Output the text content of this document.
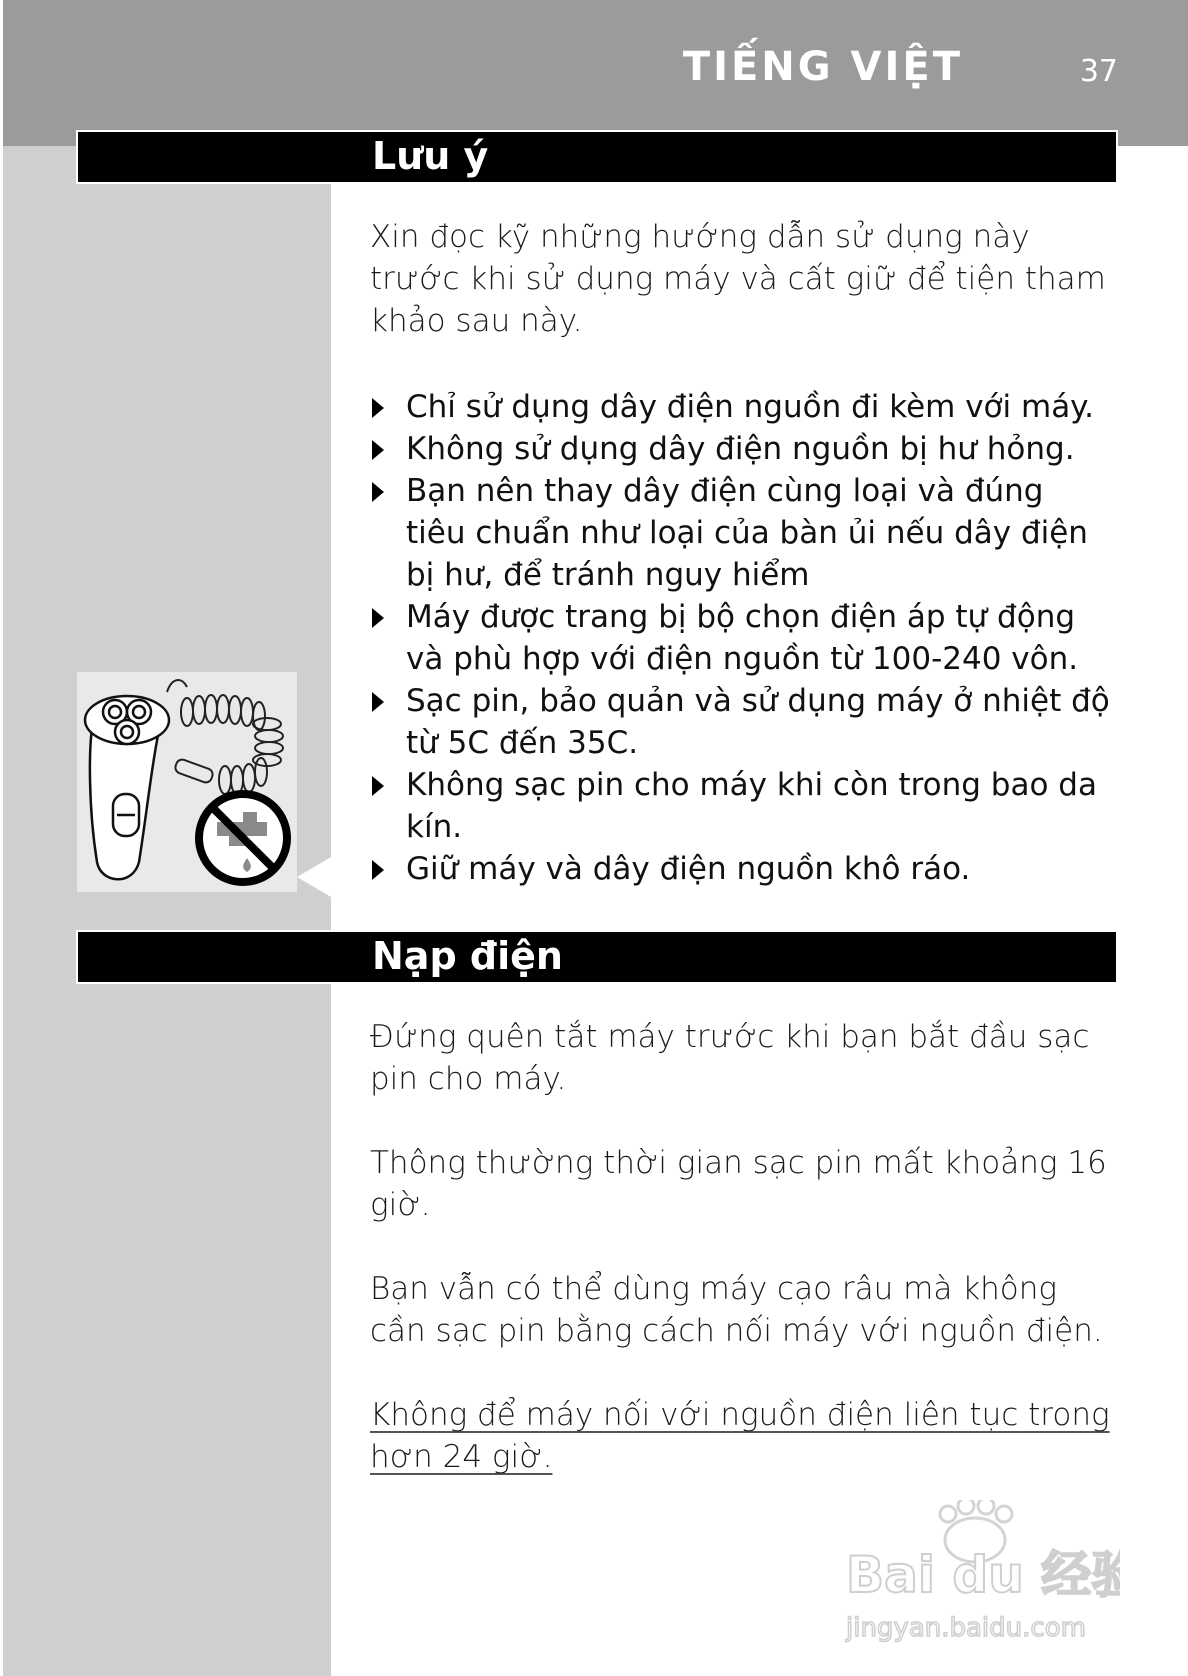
TIẾNG VIỆT	37
Lưu ý
Xin đọc kỹ những hướng dẫn sử dụng này trước khi sử dụng máy và cất giữ để tiện tham khảo sau này.
Chỉ sử dụng dây điện nguồn đi kèm với máy.
Không sử dụng dây điện nguồn bị hư hỏng.
Bạn nên thay dây điện cùng loại và đúng tiêu chuẩn như loại của bàn ủi nếu dây điện bị hư, để tránh nguy hiểm
Máy được trang bị bộ chọn điện áp tự động và phù hợp với điện nguồn từ 100-240 vôn.
Sạc pin, bảo quản và sử dụng máy ở nhiệt độ từ 5C đến 35C.
Không sạc pin cho máy khi còn trong bao da kín.
Giữ máy và dây điện nguồn khô ráo.
Nạp điện
Đứng quên tắt máy trước khi bạn bắt đầu sạc pin cho máy.
Thông thường thời gian sạc pin mất khoảng 16 giờ.
Bạn vẫn có thể dùng máy cạo râu mà không cần sạc pin bằng cách nối máy với nguồn điện.
Không để máy nối với nguồn điện liên tục trong hơn 24 giờ.
Bai du 经验
jingyan.baidu.com
